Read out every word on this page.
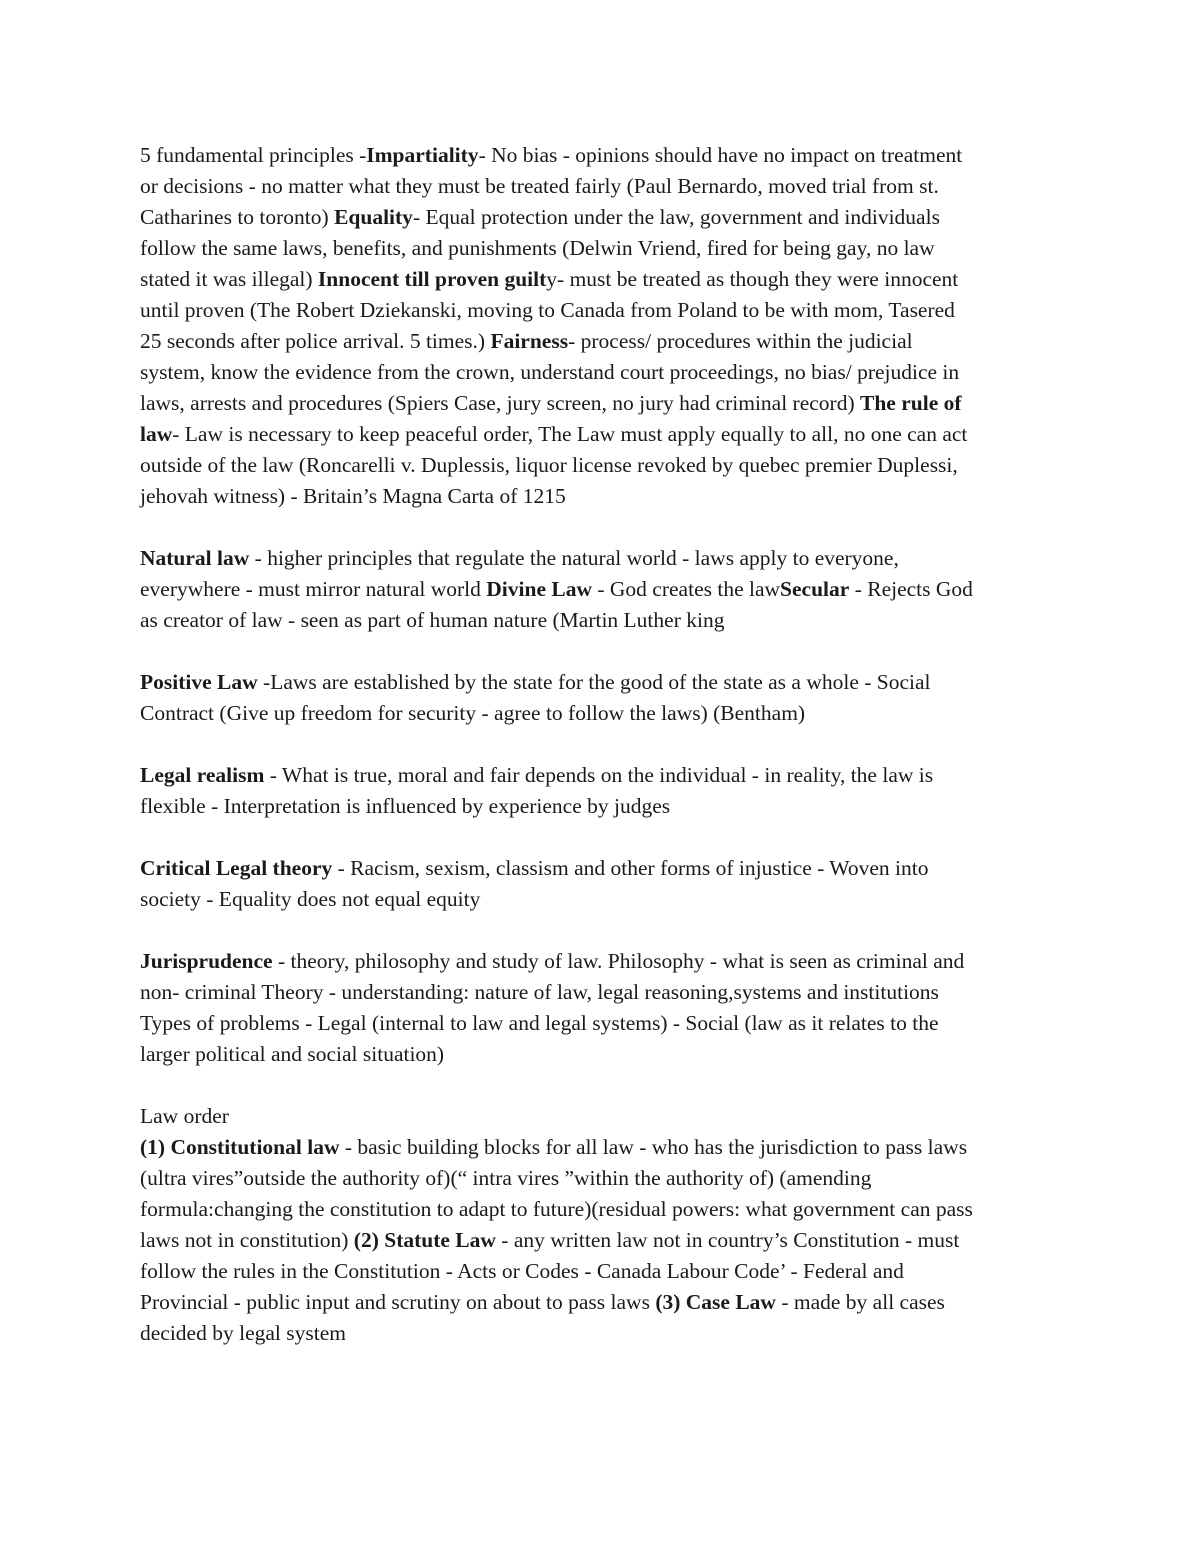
5 fundamental principles -Impartiality- No bias - opinions should have no impact on treatment
or decisions - no matter what they must be treated fairly (Paul Bernardo, moved trial from st.
Catharines to toronto) Equality- Equal protection under the law, government and individuals
follow the same laws, benefits, and punishments (Delwin Vriend, fired for being gay, no law
stated it was illegal) Innocent till proven guilty- must be treated as though they were innocent
until proven (The Robert Dziekanski, moving to Canada from Poland to be with mom, Tasered
25 seconds after police arrival. 5 times.) Fairness- process/ procedures within the judicial
system, know the evidence from the crown, understand court proceedings, no bias/ prejudice in
laws, arrests and procedures (Spiers Case, jury screen, no jury had criminal record) The rule of
law- Law is necessary to keep peaceful order, The Law must apply equally to all, no one can act
outside of the law (Roncarelli v. Duplessis, liquor license revoked by quebec premier Duplessi,
jehovah witness) - Britain’s Magna Carta of 1215
Natural law - higher principles that regulate the natural world - laws apply to everyone,
everywhere - must mirror natural world Divine Law - God creates the lawSecular - Rejects God
as creator of law - seen as part of human nature (Martin Luther king
Positive Law -Laws are established by the state for the good of the state as a whole - Social
Contract (Give up freedom for security - agree to follow the laws) (Bentham)
Legal realism - What is true, moral and fair depends on the individual - in reality, the law is
flexible - Interpretation is influenced by experience by judges
Critical Legal theory - Racism, sexism, classism and other forms of injustice - Woven into
society - Equality does not equal equity
Jurisprudence - theory, philosophy and study of law. Philosophy - what is seen as criminal and
non- criminal Theory - understanding: nature of law, legal reasoning,systems and institutions
Types of problems - Legal (internal to law and legal systems) - Social (law as it relates to the
larger political and social situation)
Law order
(1) Constitutional law - basic building blocks for all law - who has the jurisdiction to pass laws
(ultra vires”outside the authority of)(“ intra vires ”within the authority of) (amending
formula:changing the constitution to adapt to future)(residual powers: what government can pass
laws not in constitution) (2) Statute Law - any written law not in country’s Constitution - must
follow the rules in the Constitution - Acts or Codes - Canada Labour Code’ - Federal and
Provincial - public input and scrutiny on about to pass laws (3) Case Law - made by all cases
decided by legal system
